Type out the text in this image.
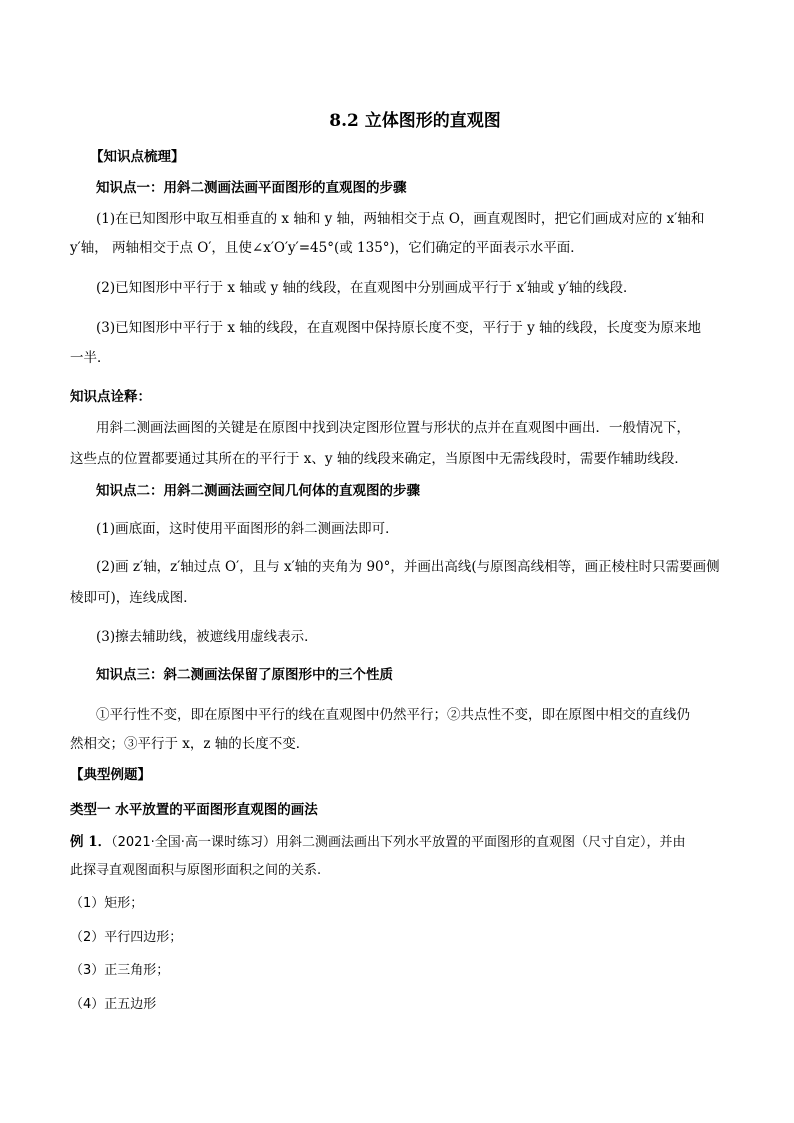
8.2 立体图形的直观图
【知识点梳理】
知识点一：用斜二测画法画平面图形的直观图的步骤
(1)在已知图形中取互相垂直的 x 轴和 y 轴，两轴相交于点 O，画直观图时，把它们画成对应的 x′轴和
y′轴， 两轴相交于点 O′，且使∠x′O′y′=45°(或 135°)，它们确定的平面表示水平面．
(2)已知图形中平行于 x 轴或 y 轴的线段，在直观图中分别画成平行于 x′轴或 y′轴的线段．
(3)已知图形中平行于 x 轴的线段，在直观图中保持原长度不变，平行于 y 轴的线段，长度变为原来地
一半．
知识点诠释：
用斜二测画法画图的关键是在原图中找到决定图形位置与形状的点并在直观图中画出．一般情况下，
这些点的位置都要通过其所在的平行于 x、y 轴的线段来确定，当原图中无需线段时，需要作辅助线段．
知识点二：用斜二测画法画空间几何体的直观图的步骤
(1)画底面，这时使用平面图形的斜二测画法即可．
(2)画 z′轴，z′轴过点 O′，且与 x′轴的夹角为 90°，并画出高线(与原图高线相等，画正棱柱时只需要画侧
棱即可)，连线成图．
(3)擦去辅助线，被遮线用虚线表示．
知识点三：斜二测画法保留了原图形中的三个性质
①平行性不变，即在原图中平行的线在直观图中仍然平行；②共点性不变，即在原图中相交的直线仍
然相交；③平行于 x，z 轴的长度不变．
【典型例题】
类型一 水平放置的平面图形直观图的画法
例 1．（2021·全国·高一课时练习）用斜二测画法画出下列水平放置的平面图形的直观图（尺寸自定），并由
此探寻直观图面积与原图形面积之间的关系.
（1）矩形；
（2）平行四边形；
（3）正三角形；
（4）正五边形
